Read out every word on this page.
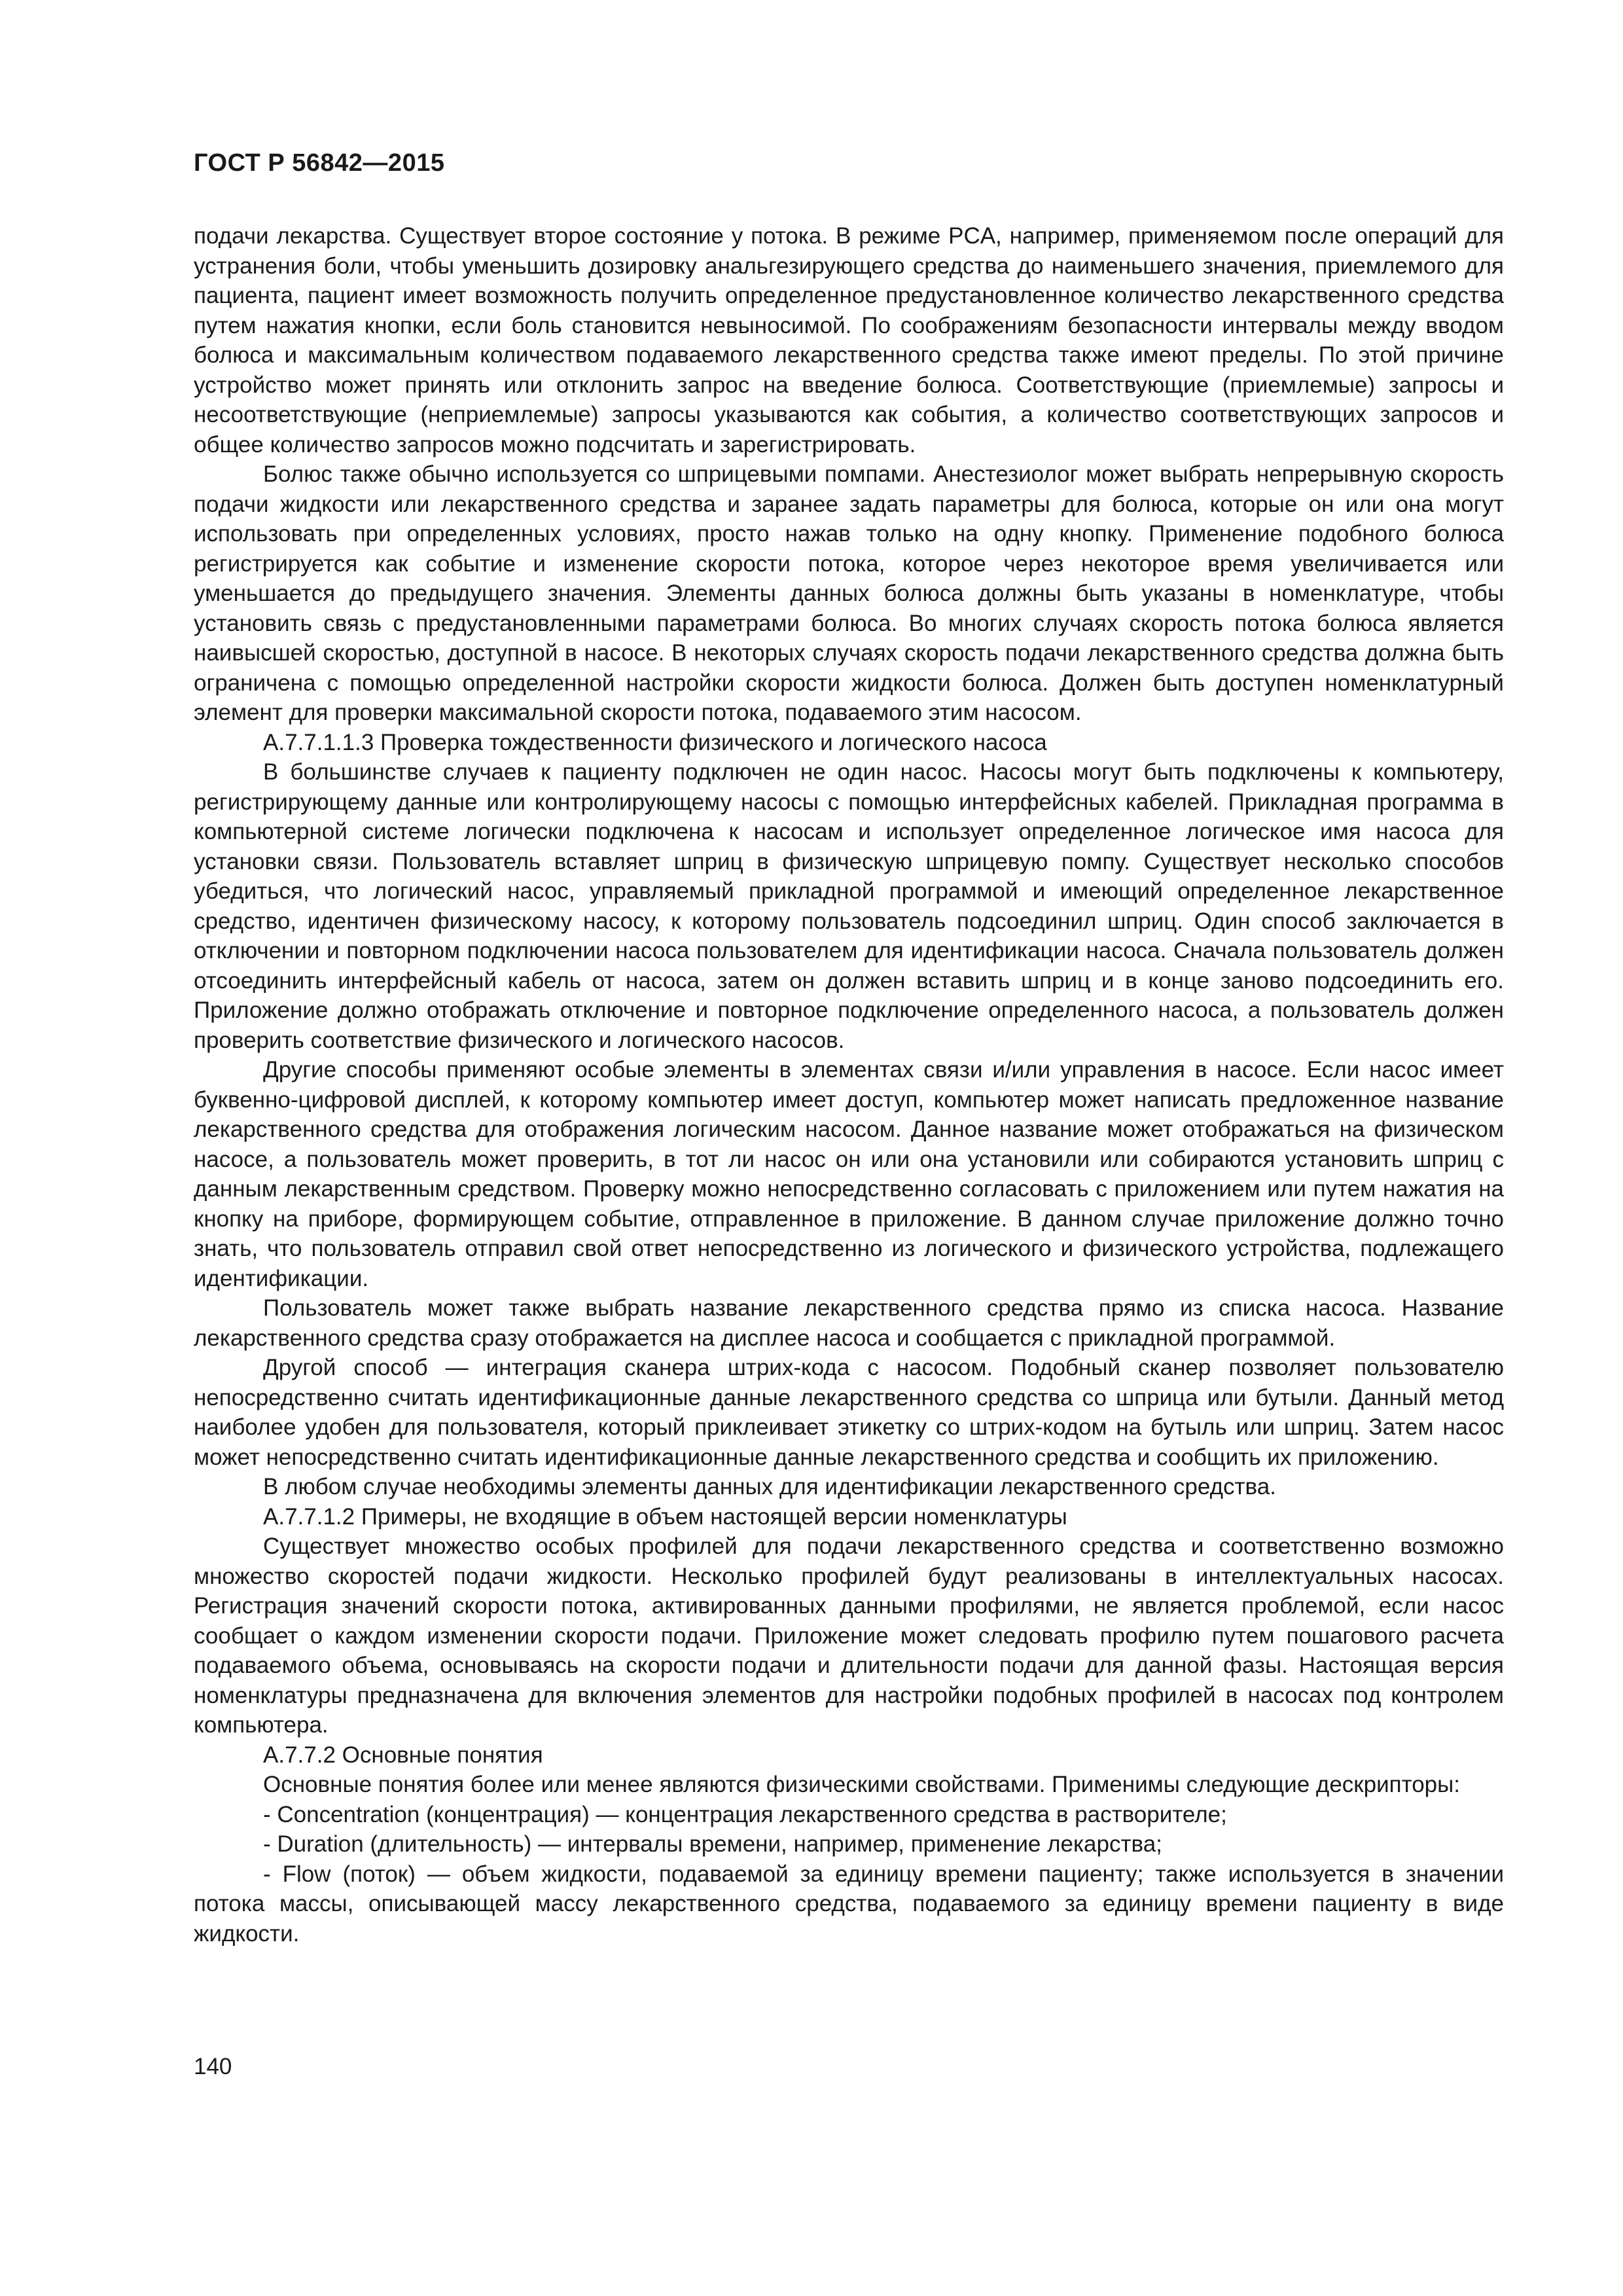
ГОСТ Р 56842—2015

подачи лекарства. Существует второе состояние у потока. В режиме PCA, например, применяемом после операций для устранения боли, чтобы уменьшить дозировку анальгезирующего средства до наименьшего значения, приемлемого для пациента, пациент имеет возможность получить определенное предустановленное количество лекарственного средства путем нажатия кнопки, если боль становится невыносимой. По соображениям безопасности интервалы между вводом болюса и максимальным количеством подаваемого лекарственного средства также имеют пределы. По этой причине устройство может принять или отклонить запрос на введение болюса. Соответствующие (приемлемые) запросы и несоответствующие (неприемлемые) запросы указываются как события, а количество соответствующих запросов и общее количество запросов можно подсчитать и зарегистрировать.

Болюс также обычно используется со шприцевыми помпами. Анестезиолог может выбрать непрерывную скорость подачи жидкости или лекарственного средства и заранее задать параметры для болюса, которые он или она могут использовать при определенных условиях, просто нажав только на одну кнопку. Применение подобного болюса регистрируется как событие и изменение скорости потока, которое через некоторое время увеличивается или уменьшается до предыдущего значения. Элементы данных болюса должны быть указаны в номенклатуре, чтобы установить связь с предустановленными параметрами болюса. Во многих случаях скорость потока болюса является наивысшей скоростью, доступной в насосе. В некоторых случаях скорость подачи лекарственного средства должна быть ограничена с помощью определенной настройки скорости жидкости болюса. Должен быть доступен номенклатурный элемент для проверки максимальной скорости потока, подаваемого этим насосом.

А.7.7.1.1.3 Проверка тождественности физического и логического насоса

В большинстве случаев к пациенту подключен не один насос. Насосы могут быть подключены к компьютеру, регистрирующему данные или контролирующему насосы с помощью интерфейсных кабелей. Прикладная программа в компьютерной системе логически подключена к насосам и использует определенное логическое имя насоса для установки связи. Пользователь вставляет шприц в физическую шприцевую помпу. Существует несколько способов убедиться, что логический насос, управляемый прикладной программой и имеющий определенное лекарственное средство, идентичен физическому насосу, к которому пользователь подсоединил шприц. Один способ заключается в отключении и повторном подключении насоса пользователем для идентификации насоса. Сначала пользователь должен отсоединить интерфейсный кабель от насоса, затем он должен вставить шприц и в конце заново подсоединить его. Приложение должно отображать отключение и повторное подключение определенного насоса, а пользователь должен проверить соответствие физического и логического насосов.

Другие способы применяют особые элементы в элементах связи и/или управления в насосе. Если насос имеет буквенно-цифровой дисплей, к которому компьютер имеет доступ, компьютер может написать предложенное название лекарственного средства для отображения логическим насосом. Данное название может отображаться на физическом насосе, а пользователь может проверить, в тот ли насос он или она установили или собираются установить шприц с данным лекарственным средством. Проверку можно непосредственно согласовать с приложением или путем нажатия на кнопку на приборе, формирующем событие, отправленное в приложение. В данном случае приложение должно точно знать, что пользователь отправил свой ответ непосредственно из логического и физического устройства, подлежащего идентификации.

Пользователь может также выбрать название лекарственного средства прямо из списка насоса. Название лекарственного средства сразу отображается на дисплее насоса и сообщается с прикладной программой.

Другой способ — интеграция сканера штрих-кода с насосом. Подобный сканер позволяет пользователю непосредственно считать идентификационные данные лекарственного средства со шприца или бутыли. Данный метод наиболее удобен для пользователя, который приклеивает этикетку со штрих-кодом на бутыль или шприц. Затем насос может непосредственно считать идентификационные данные лекарственного средства и сообщить их приложению.

В любом случае необходимы элементы данных для идентификации лекарственного средства.

А.7.7.1.2 Примеры, не входящие в объем настоящей версии номенклатуры

Существует множество особых профилей для подачи лекарственного средства и соответственно возможно множество скоростей подачи жидкости. Несколько профилей будут реализованы в интеллектуальных насосах. Регистрация значений скорости потока, активированных данными профилями, не является проблемой, если насос сообщает о каждом изменении скорости подачи. Приложение может следовать профилю путем пошагового расчета подаваемого объема, основываясь на скорости подачи и длительности подачи для данной фазы. Настоящая версия номенклатуры предназначена для включения элементов для настройки подобных профилей в насосах под контролем компьютера.

А.7.7.2 Основные понятия

Основные понятия более или менее являются физическими свойствами. Применимы следующие дескрипторы:

- Concentration (концентрация) — концентрация лекарственного средства в растворителе;

- Duration (длительность) — интервалы времени, например, применение лекарства;

- Flow (поток) — объем жидкости, подаваемой за единицу времени пациенту; также используется в значении потока массы, описывающей массу лекарственного средства, подаваемого за единицу времени пациенту в виде жидкости.

140
